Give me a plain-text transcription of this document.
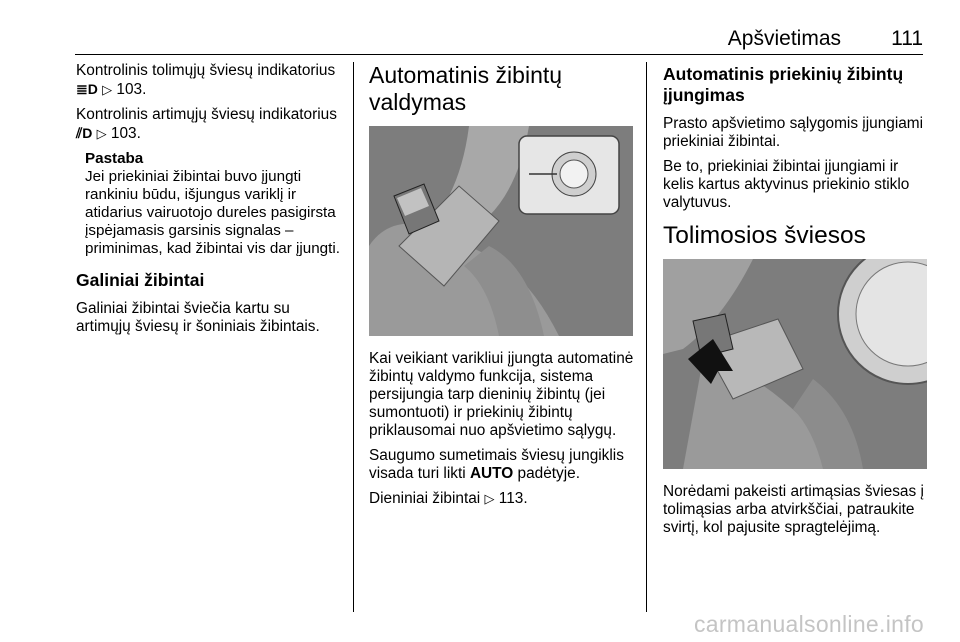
Apšvietimas 111

Kontrolinis tolimųjų šviesų indikatorius ≣D ▷ 103.

Kontrolinis artimųjų šviesų indikatorius ⫽D ▷ 103.

Pastaba
Jei priekiniai žibintai buvo įjungti rankiniu būdu, išjungus variklį ir atidarius vairuotojo dureles pasigirsta įspėjamasis garsinis signalas – priminimas, kad žibintai vis dar įjungti.
Galiniai žibintai

Galiniai žibintai šviečia kartu su artimųjų šviesų ir šoniniais žibintais.

Automatinis žibintų
valdymas

Kai veikiant varikliui įjungta automatinė žibintų valdymo funkcija, sistema persijungia tarp dieninių žibintų (jei sumontuoti) ir priekinių žibintų priklausomai nuo apšvietimo sąlygų.

Saugumo sumetimais šviesų jungiklis visada turi likti AUTO padėtyje.

Dieniniai žibintai ▷ 113.

Automatinis priekinių žibintų
įjungimas

Prasto apšvietimo sąlygomis įjungiami priekiniai žibintai.

Be to, priekiniai žibintai įjungiami ir kelis kartus aktyvinus priekinio stiklo valytuvus.

Tolimosios šviesos

Norėdami pakeisti artimąsias šviesas į tolimąsias arba atvirkščiai, patraukite svirtį, kol pajusite spragtelėjimą.

carmanualsonline.info
